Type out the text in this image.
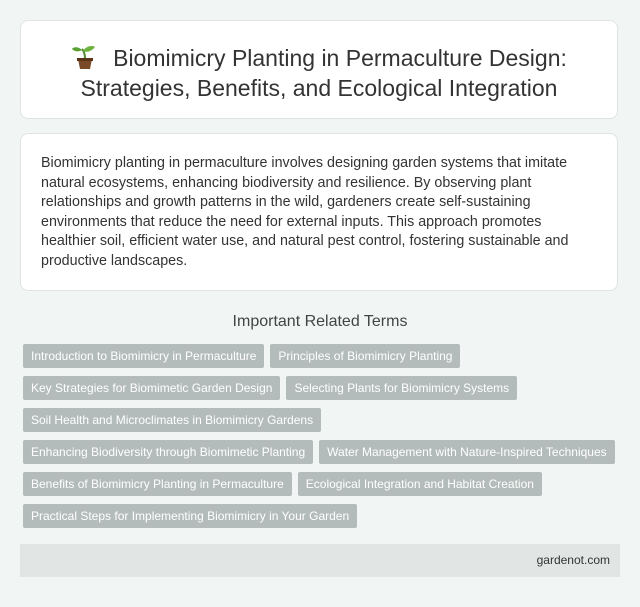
Biomimicry Planting in Permaculture Design:
Strategies, Benefits, and Ecological Integration

Biomimicry planting in permaculture involves designing garden systems that imitate natural ecosystems, enhancing biodiversity and resilience. By observing plant relationships and growth patterns in the wild, gardeners create self-sustaining environments that reduce the need for external inputs. This approach promotes healthier soil, efficient water use, and natural pest control, fostering sustainable and productive landscapes.

Important Related Terms
Introduction to Biomimicry in Permaculture Principles of Biomimicry Planting
Key Strategies for Biomimetic Garden Design Selecting Plants for Biomimicry Systems
Soil Health and Microclimates in Biomimicry Gardens
Enhancing Biodiversity through Biomimetic Planting Water Management with Nature-Inspired Techniques
Benefits of Biomimicry Planting in Permaculture Ecological Integration and Habitat Creation
Practical Steps for Implementing Biomimicry in Your Garden
gardenot.com
